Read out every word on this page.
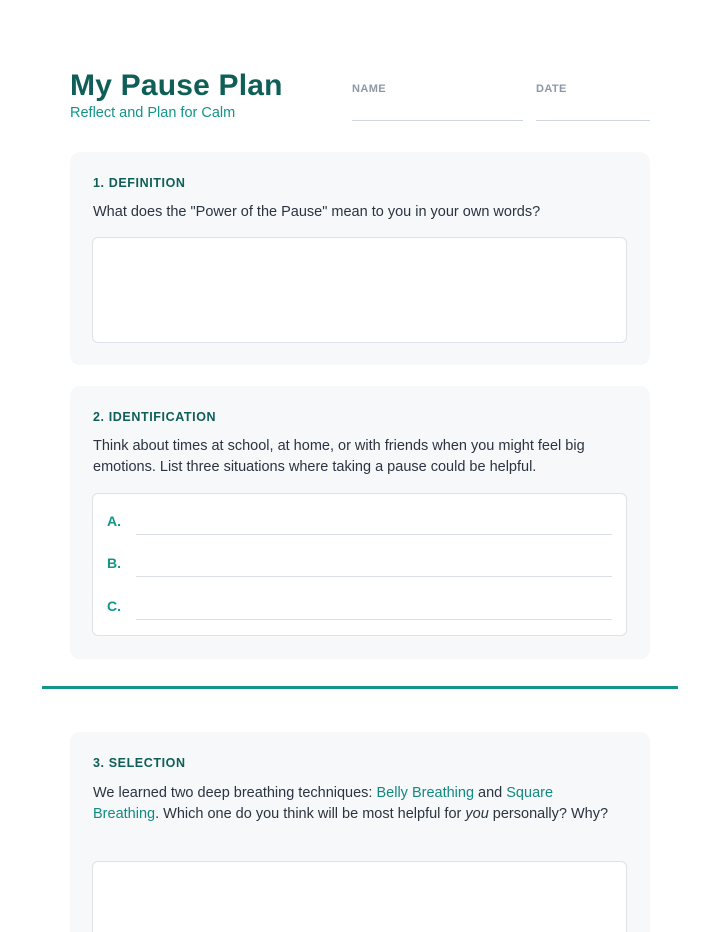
My Pause Plan
Reflect and Plan for Calm
NAME	DATE
1. DEFINITION
What does the "Power of the Pause" mean to you in your own words?
2. IDENTIFICATION
Think about times at school, at home, or with friends when you might feel big emotions. List three situations where taking a pause could be helpful.
A.
B.
C.
3. SELECTION
We learned two deep breathing techniques: Belly Breathing and Square Breathing. Which one do you think will be most helpful for you personally? Why?
